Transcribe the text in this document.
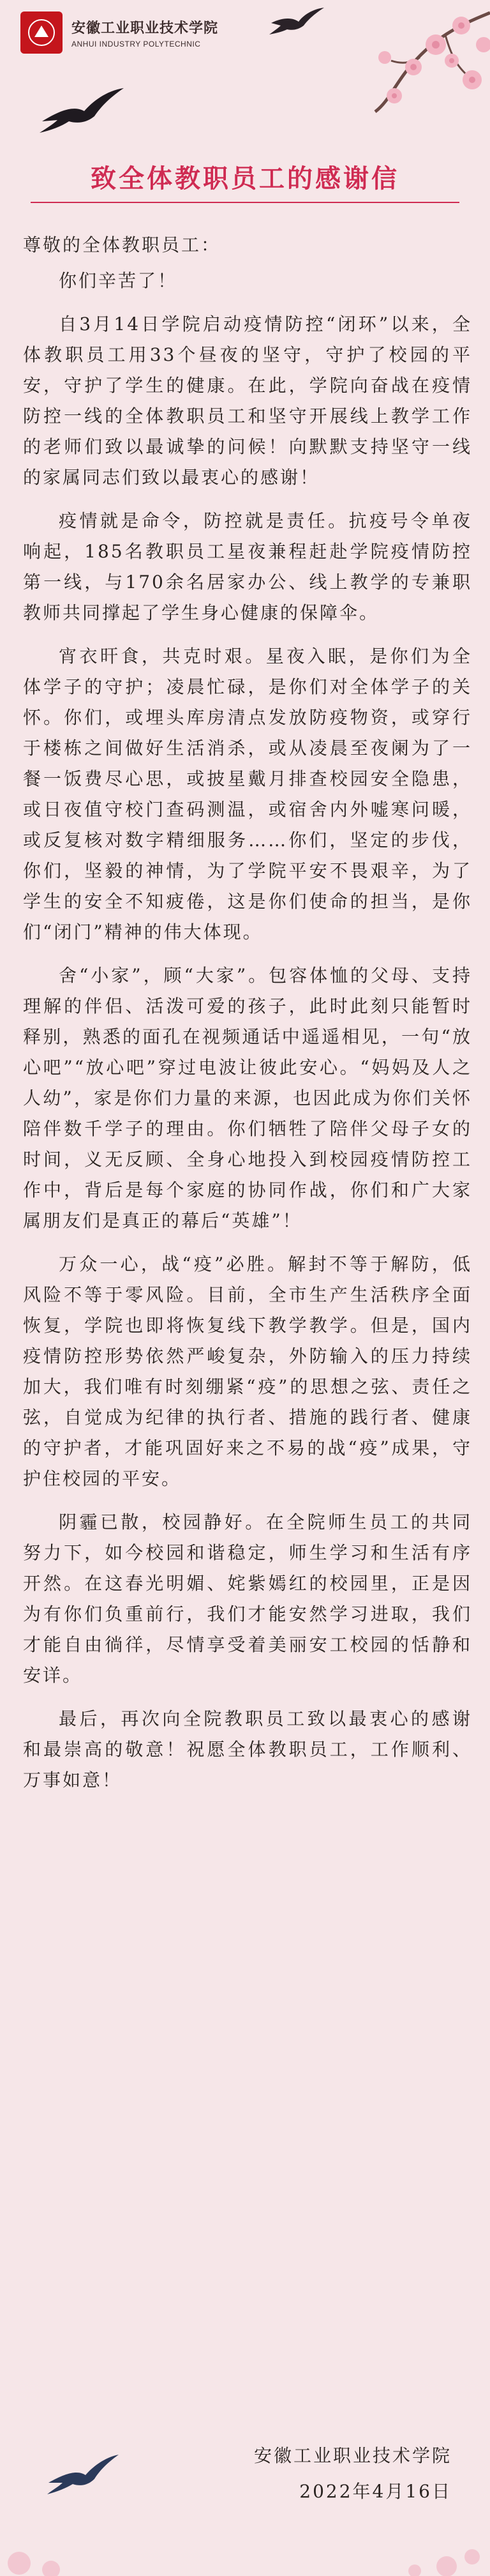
安徽工业职业技术学院
ANHUI INDUSTRY POLYTECHNIC
致全体教职员工的感谢信
尊敬的全体教职员工：

你们辛苦了！

自3月14日学院启动疫情防控“闭环”以来，全体教职员工用33个昼夜的坚守，守护了校园的平安，守护了学生的健康。在此，学院向奋战在疫情防控一线的全体教职员工和坚守开展线上教学工作的老师们致以最诚挚的问候！向默默支持坚守一线的家属同志们致以最衷心的感谢！

疫情就是命令，防控就是责任。抗疫号令单夜响起，185名教职员工星夜兼程赶赴学院疫情防控第一线，与170余名居家办公、线上教学的专兼职教师共同撑起了学生身心健康的保障伞。

宵衣旰食，共克时艰。星夜入眠，是你们为全体学子的守护；凌晨忙碌，是你们对全体学子的关怀。你们，或埋头库房清点发放防疫物资，或穿行于楼栋之间做好生活消杀，或从凌晨至夜阑为了一餐一饭费尽心思，或披星戴月排查校园安全隐患，或日夜值守校门查码测温，或宿舍内外嘘寒问暖，或反复核对数字精细服务……你们，坚定的步伐，你们，坚毅的神情，为了学院平安不畏艰辛，为了学生的安全不知疲倦，这是你们使命的担当，是你们“闭门”精神的伟大体现。

舍“小家”，顾“大家”。包容体恤的父母、支持理解的伴侣、活泼可爱的孩子，此时此刻只能暂时释别，熟悉的面孔在视频通话中遥遥相见，一句“放心吧”“放心吧”穿过电波让彼此安心。“妈妈及人之人幼”，家是你们力量的来源，也因此成为你们关怀陪伴数千学子的理由。你们牺牲了陪伴父母子女的时间，义无反顾、全身心地投入到校园疫情防控工作中，背后是每个家庭的协同作战，你们和广大家属朋友们是真正的幕后“英雄”！

万众一心，战“疫”必胜。解封不等于解防，低风险不等于零风险。目前，全市生产生活秩序全面恢复，学院也即将恢复线下教学教学。但是，国内疫情防控形势依然严峻复杂，外防输入的压力持续加大，我们唯有时刻绷紧“疫”的思想之弦、责任之弦，自觉成为纪律的执行者、措施的践行者、健康的守护者，才能巩固好来之不易的战“疫”成果，守护住校园的平安。

阴霾已散，校园静好。在全院师生员工的共同努力下，如今校园和谐稳定，师生学习和生活有序开然。在这春光明媚、姹紫嫣红的校园里，正是因为有你们负重前行，我们才能安然学习进取，我们才能自由徜徉，尽情享受着美丽安工校园的恬静和安详。

最后，再次向全院教职员工致以最衷心的感谢和最崇高的敬意！祝愿全体教职员工，工作顺利、万事如意！

安徽工业职业技术学院
2022年4月16日
